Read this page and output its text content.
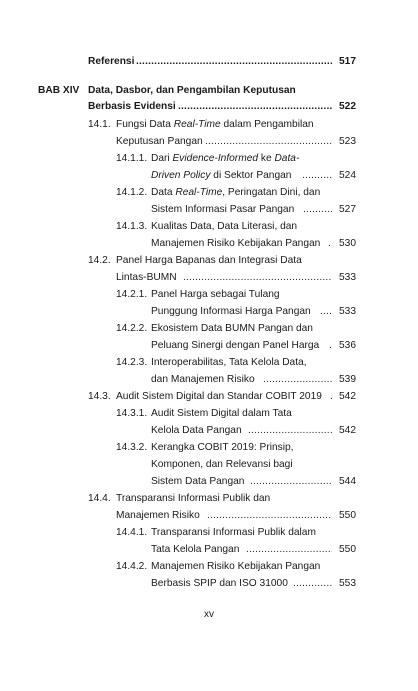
Referensi .....	517
BAB XIV Data, Dasbor, dan Pengambilan Keputusan
Berbasis Evidensi .....	522
14.1. Fungsi Data Real-Time dalam Pengambilan
Keputusan Pangan .....	523
14.1.1. Dari Evidence-Informed ke Data-
Driven Policy di Sektor Pangan .....	524
14.1.2. Data Real-Time, Peringatan Dini, dan
Sistem Informasi Pasar Pangan .....	527
14.1.3. Kualitas Data, Data Literasi, dan
Manajemen Risiko Kebijakan Pangan ..... 530
14.2. Panel Harga Bapanas dan Integrasi Data
Lintas-BUMN .....	533
14.2.1. Panel Harga sebagai Tulang
Punggung Informasi Harga Pangan .....	533
14.2.2. Ekosistem Data BUMN Pangan dan
Peluang Sinergi dengan Panel Harga ..... 536
14.2.3. Interoperabilitas, Tata Kelola Data,
dan Manajemen Risiko .....	539
14.3. Audit Sistem Digital dan Standar COBIT 2019 ..... 542
14.3.1. Audit Sistem Digital dalam Tata
Kelola Data Pangan .....	542
14.3.2. Kerangka COBIT 2019: Prinsip,
Komponen, dan Relevansi bagi
Sistem Data Pangan .....	544
14.4. Transparansi Informasi Publik dan
Manajemen Risiko .....	550
14.4.1. Transparansi Informasi Publik dalam
Tata Kelola Pangan .....	550
14.4.2. Manajemen Risiko Kebijakan Pangan
Berbasis SPIP dan ISO 31000 .....	553
xv
